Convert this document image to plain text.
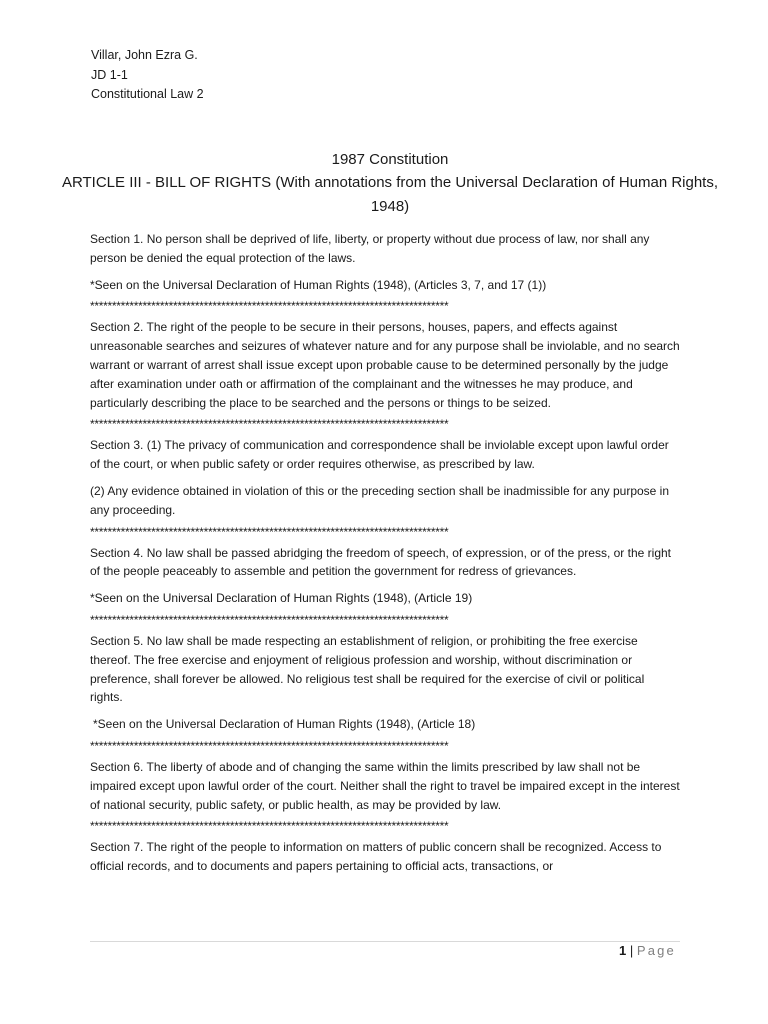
Villar, John Ezra G.
JD 1-1
Constitutional Law 2
1987 Constitution
ARTICLE III - BILL OF RIGHTS (With annotations from the Universal Declaration of Human Rights, 1948)

Section 1. No person shall be deprived of life, liberty, or property without due process of law, nor shall any person be denied the equal protection of the laws.

*Seen on the Universal Declaration of Human Rights (1948), (Articles 3, 7, and 17 (1))

**********************************************************************************

Section 2. The right of the people to be secure in their persons, houses, papers, and effects against unreasonable searches and seizures of whatever nature and for any purpose shall be inviolable, and no search warrant or warrant of arrest shall issue except upon probable cause to be determined personally by the judge after examination under oath or affirmation of the complainant and the witnesses he may produce, and particularly describing the place to be searched and the persons or things to be seized.

**********************************************************************************

Section 3. (1) The privacy of communication and correspondence shall be inviolable except upon lawful order of the court, or when public safety or order requires otherwise, as prescribed by law.

(2) Any evidence obtained in violation of this or the preceding section shall be inadmissible for any purpose in any proceeding.

**********************************************************************************

Section 4. No law shall be passed abridging the freedom of speech, of expression, or of the press, or the right of the people peaceably to assemble and petition the government for redress of grievances.

*Seen on the Universal Declaration of Human Rights (1948), (Article 19)

**********************************************************************************

Section 5. No law shall be made respecting an establishment of religion, or prohibiting the free exercise thereof. The free exercise and enjoyment of religious profession and worship, without discrimination or preference, shall forever be allowed. No religious test shall be required for the exercise of civil or political rights.

*Seen on the Universal Declaration of Human Rights (1948), (Article 18)

**********************************************************************************

Section 6. The liberty of abode and of changing the same within the limits prescribed by law shall not be impaired except upon lawful order of the court. Neither shall the right to travel be impaired except in the interest of national security, public safety, or public health, as may be provided by law.

**********************************************************************************

Section 7. The right of the people to information on matters of public concern shall be recognized. Access to official records, and to documents and papers pertaining to official acts, transactions, or

1 | Page
